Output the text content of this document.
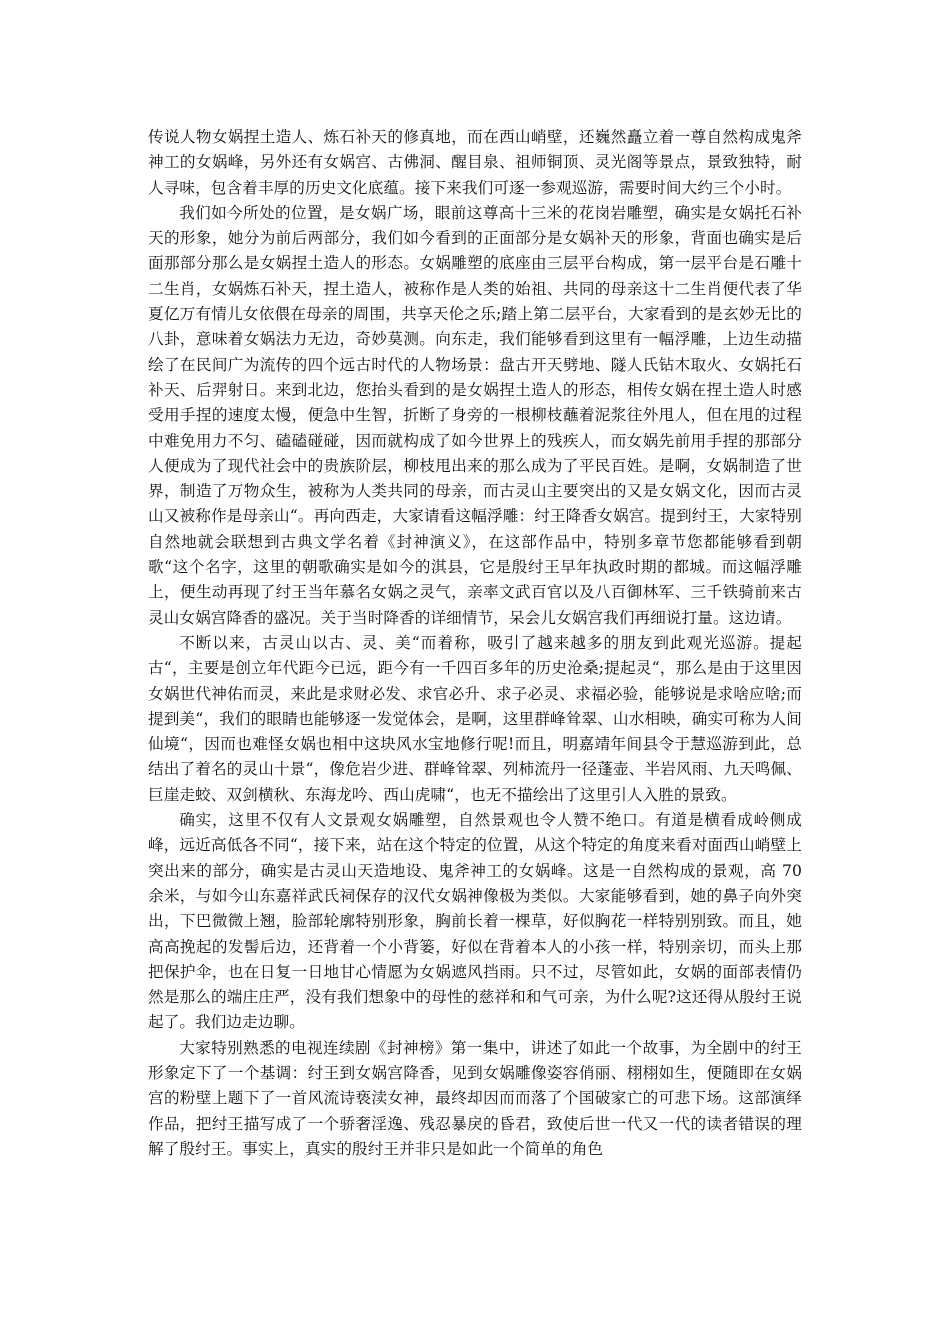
传说人物女娲捏土造人、炼石补天的修真地，而在西山峭壁，还巍然矗立着一尊自然构成鬼斧神工的女娲峰，另外还有女娲宫、古佛洞、醒目泉、祖师铜顶、灵光阁等景点，景致独特，耐人寻味，包含着丰厚的历史文化底蕴。接下来我们可逐一参观巡游，需要时间大约三个小时。

我们如今所处的位置，是女娲广场，眼前这尊高十三米的花岗岩雕塑，确实是女娲托石补天的形象，她分为前后两部分，我们如今看到的正面部分是女娲补天的形象，背面也确实是后面那部分那么是女娲捏土造人的形态。女娲雕塑的底座由三层平台构成，第一层平台是石雕十二生肖，女娲炼石补天，捏土造人，被称作是人类的始祖、共同的母亲这十二生肖便代表了华夏亿万有情儿女依偎在母亲的周围，共享天伦之乐;踏上第二层平台，大家看到的是玄妙无比的八卦，意味着女娲法力无边，奇妙莫测。向东走，我们能够看到这里有一幅浮雕，上边生动描绘了在民间广为流传的四个远古时代的人物场景：盘古开天劈地、隧人氏钻木取火、女娲托石补天、后羿射日。来到北边，您抬头看到的是女娲捏土造人的形态，相传女娲在捏土造人时感受用手捏的速度太慢，便急中生智，折断了身旁的一根柳枝蘸着泥浆往外甩人，但在甩的过程中难免用力不匀、磕磕碰碰，因而就构成了如今世界上的残疾人，而女娲先前用手捏的那部分人便成为了现代社会中的贵族阶层，柳枝甩出来的那么成为了平民百姓。是啊，女娲制造了世界，制造了万物众生，被称为人类共同的母亲，而古灵山主要突出的又是女娲文化，因而古灵山又被称作是母亲山“。再向西走，大家请看这幅浮雕：纣王降香女娲宫。提到纣王，大家特别自然地就会联想到古典文学名着《封神演义》，在这部作品中，特别多章节您都能够看到朝歌“这个名字，这里的朝歌确实是如今的淇县，它是殷纣王早年执政时期的都城。而这幅浮雕上，便生动再现了纣王当年慕名女娲之灵气，亲率文武百官以及八百御林军、三千铁骑前来古灵山女娲宫降香的盛况。关于当时降香的详细情节，呆会儿女娲宫我们再细说打量。这边请。

不断以来，古灵山以古、灵、美“而着称，吸引了越来越多的朋友到此观光巡游。提起古“，主要是创立年代距今已远，距今有一千四百多年的历史沧桑;提起灵“，那么是由于这里因女娲世代神佑而灵，来此是求财必发、求官必升、求子必灵、求福必验，能够说是求啥应啥;而提到美“，我们的眼睛也能够逐一发觉体会，是啊，这里群峰耸翠、山水相映，确实可称为人间仙境“，因而也难怪女娲也相中这块风水宝地修行呢!而且，明嘉靖年间县令于慧巡游到此，总结出了着名的灵山十景“，像危岩少进、群峰耸翠、列柿流丹一径蓬壶、半岩风雨、九天鸣佩、巨崖走蛟、双剑横秋、东海龙吟、西山虎啸“，也无不描绘出了这里引人入胜的景致。

确实，这里不仅有人文景观女娲雕塑，自然景观也令人赞不绝口。有道是横看成岭侧成峰，远近高低各不同“，接下来，站在这个特定的位置，从这个特定的角度来看对面西山峭壁上突出来的部分，确实是古灵山天造地设、鬼斧神工的女娲峰。这是一自然构成的景观，高 70 余米，与如今山东嘉祥武氏祠保存的汉代女娲神像极为类似。大家能够看到，她的鼻子向外突出，下巴微微上翘，脸部轮廓特别形象，胸前长着一棵草，好似胸花一样特别别致。而且，她高高挽起的发髻后边，还背着一个小背篓，好似在背着本人的小孩一样，特别亲切，而头上那把保护伞，也在日复一日地甘心情愿为女娲遮风挡雨。只不过，尽管如此，女娲的面部表情仍然是那么的端庄庄严，没有我们想象中的母性的慈祥和和气可亲，为什么呢?这还得从殷纣王说起了。我们边走边聊。

大家特别熟悉的电视连续剧《封神榜》第一集中，讲述了如此一个故事，为全剧中的纣王形象定下了一个基调：纣王到女娲宫降香，见到女娲雕像姿容俏丽、栩栩如生，便随即在女娲宫的粉壁上题下了一首风流诗亵渎女神，最终却因而而落了个国破家亡的可悲下场。这部演绎作品，把纣王描写成了一个骄奢淫逸、残忍暴戾的昏君，致使后世一代又一代的读者错误的理解了殷纣王。事实上，真实的殷纣王并非只是如此一个简单的角色
